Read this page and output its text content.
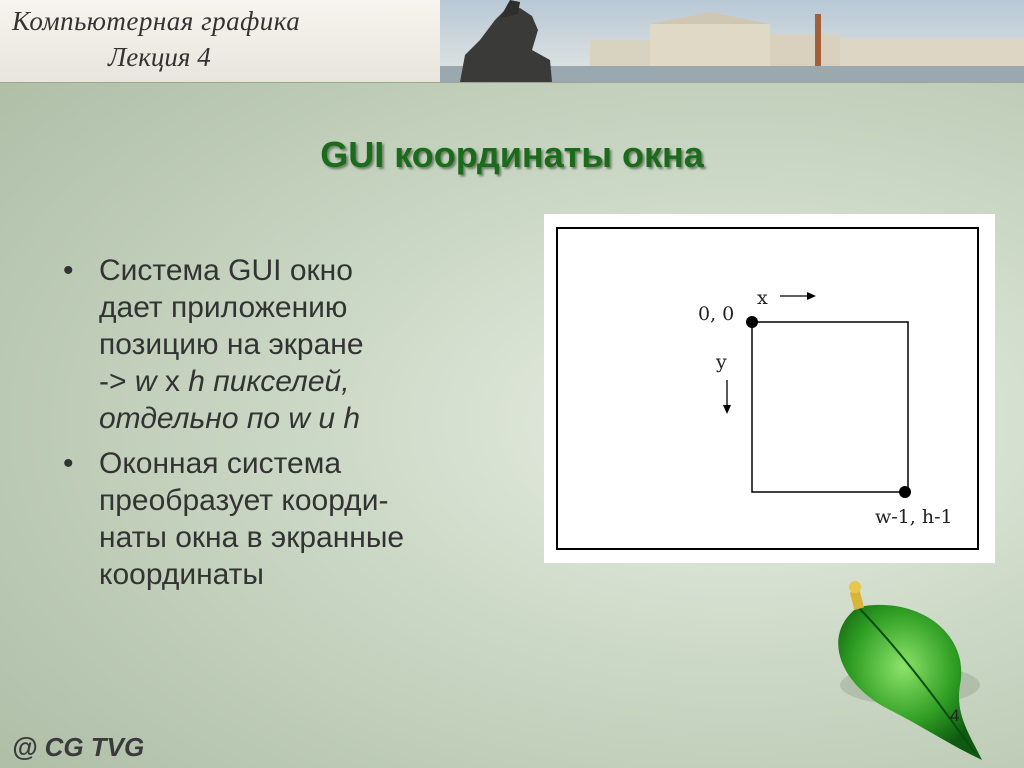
Компьютерная графика
Лекция 4
GUI координаты окна
• Система GUI окно
дает приложению
позицию на экране
-> w x h пикселей,
отдельно по w и h
• Оконная система
преобразует коорди-
наты окна в экранные
координаты
0, 0
x
y
w-1, h-1
4
@ CG TVG
